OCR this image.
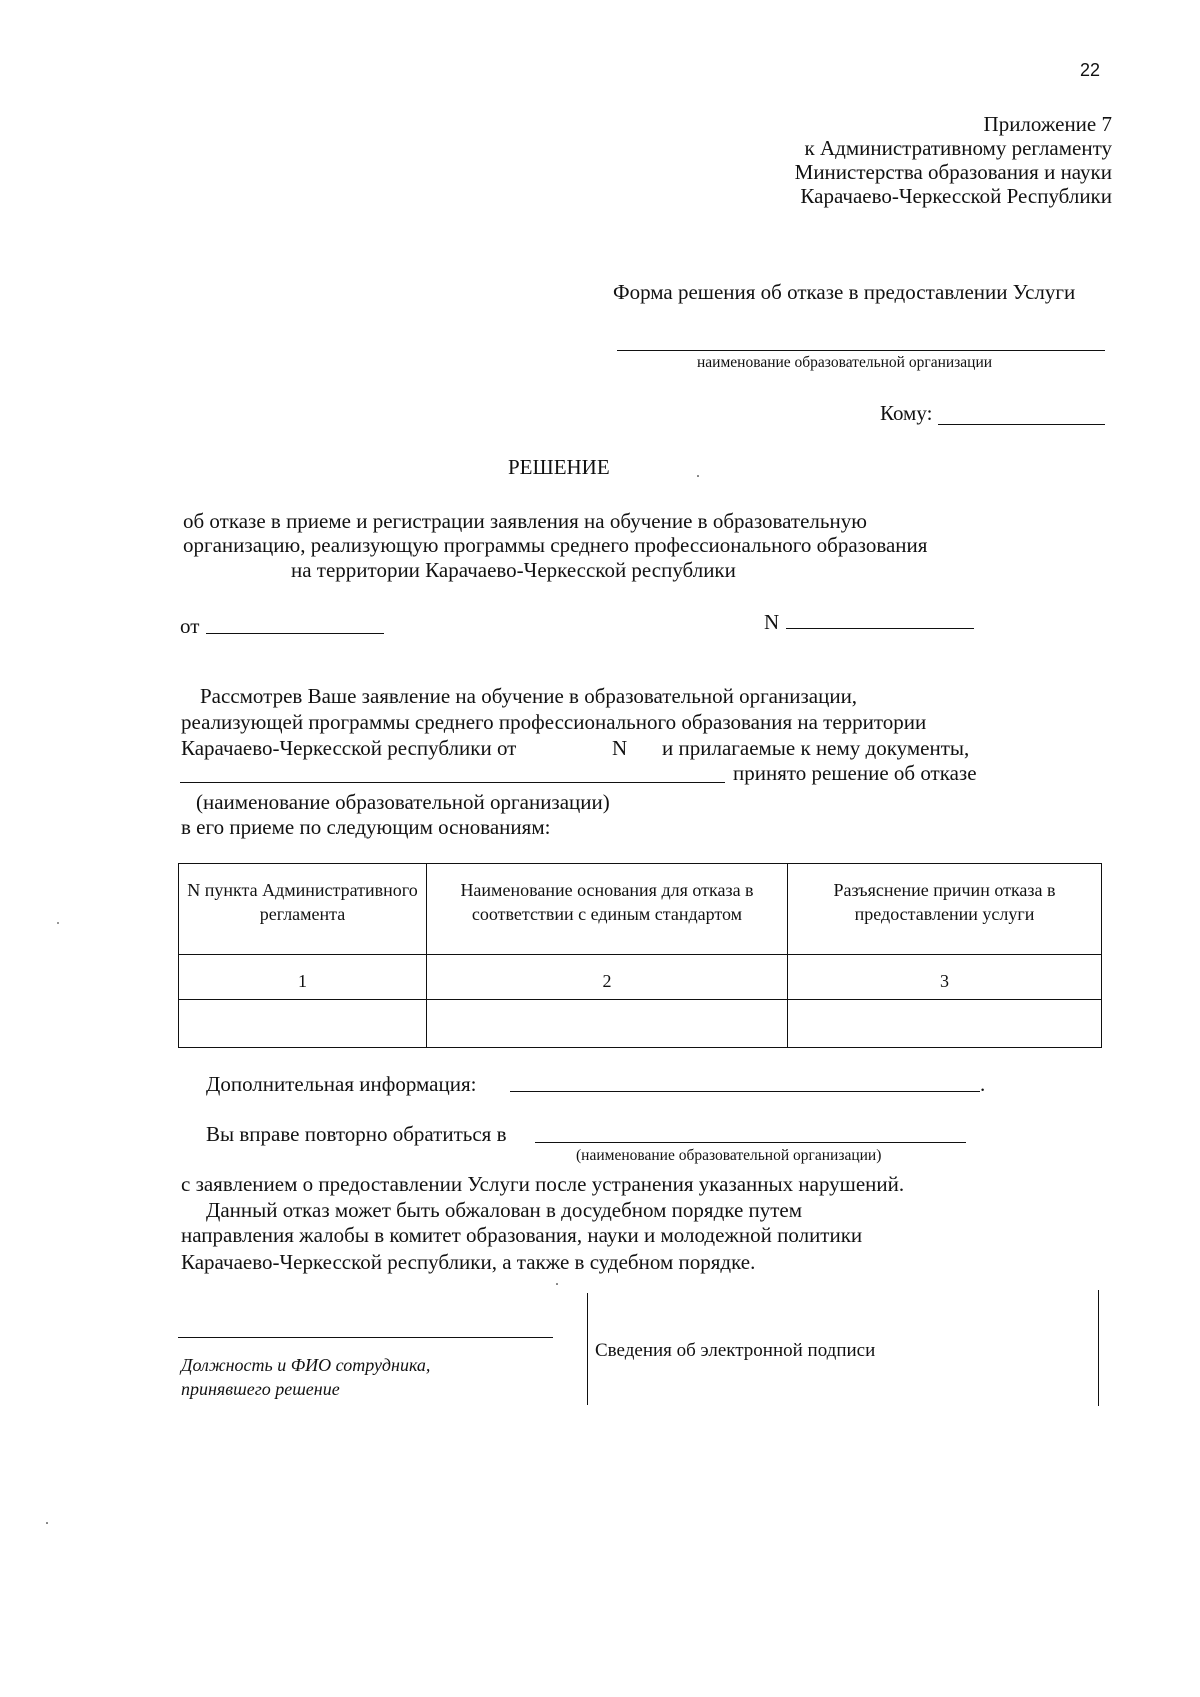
22
Приложение 7
к Административному регламенту
Министерства образования и науки
Карачаево-Черкесской Республики
Форма решения об отказе в предоставлении Услуги
наименование образовательной организации
Кому:
РЕШЕНИЕ
об отказе в приеме и регистрации заявления на обучение в образовательную
организацию, реализующую программы среднего профессионального образования
на территории Карачаево-Черкесской республики
от	N
Рассмотрев Ваше заявление на обучение в образовательной организации,
реализующей программы среднего профессионального образования на территории
Карачаево-Черкесской республики от	N и прилагаемые к нему документы,
принято решение об отказе
(наименование образовательной организации)
в его приеме по следующим основаниям:
N пункта Административного регламента	Наименование основания для отказа в соответствии с единым стандартом	Разъяснение причин отказа в предоставлении услуги
1	2	3

Дополнительная информация:	.
Вы вправе повторно обратиться в
(наименование образовательной организации)
с заявлением о предоставлении Услуги после устранения указанных нарушений.
Данный отказ может быть обжалован в досудебном порядке путем
направления жалобы в комитет образования, науки и молодежной политики
Карачаево-Черкесской республики, а также в судебном порядке.
Должность и ФИО сотрудника,
принявшего решение
Сведения об электронной подписи
